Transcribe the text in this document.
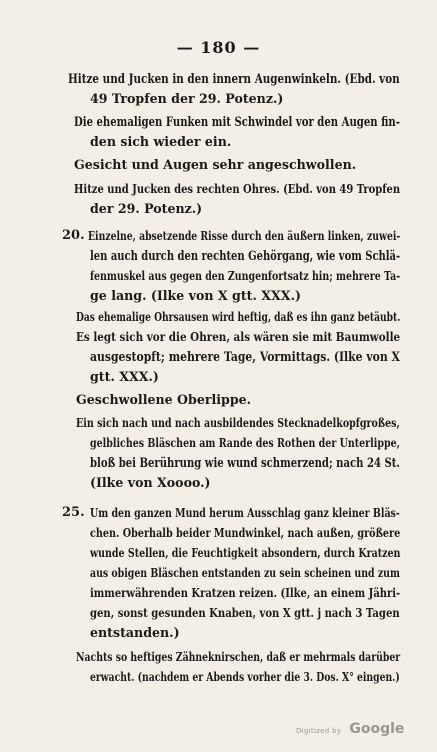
— 180 —
Hitze und Jucken in den innern Augenwinkeln. (Ebd. von
49 Tropfen der 29. Potenz.)
Die ehemaligen Funken mit Schwindel vor den Augen fin-
den sich wieder ein.
Gesicht und Augen sehr angeschwollen.
Hitze und Jucken des rechten Ohres. (Ebd. von 49 Tropfen
der 29. Potenz.)
Einzelne, absetzende Risse durch den äußern linken, zuwei-
len auch durch den rechten Gehörgang, wie vom Schlä-
fenmuskel aus gegen den Zungenfortsatz hin; mehrere Ta-
ge lang. (Ilke von X gtt. XXX.)
Das ehemalige Ohrsausen wird heftig, daß es ihn ganz betäubt.
Es legt sich vor die Ohren, als wären sie mit Baumwolle
ausgestopft; mehrere Tage, Vormittags. (Ilke von X
gtt. XXX.)
Geschwollene Oberlippe.
Ein sich nach und nach ausbildendes Stecknadelkopfgroßes,
gelbliches Bläschen am Rande des Rothen der Unterlippe,
bloß bei Berührung wie wund schmerzend; nach 24 St.
(Ilke von Xoooo.)
Um den ganzen Mund herum Ausschlag ganz kleiner Bläs-
chen. Oberhalb beider Mundwinkel, nach außen, größere
wunde Stellen, die Feuchtigkeit absondern, durch Kratzen
aus obigen Bläschen entstanden zu sein scheinen und zum
immerwährenden Kratzen reizen. (Ilke, an einem Jähri-
gen, sonst gesunden Knaben, von X gtt. j nach 3 Tagen
entstanden.)
Nachts so heftiges Zähneknirschen, daß er mehrmals darüber
erwacht. (nachdem er Abends vorher die 3. Dos. X° eingen.)
20.
25.
Digitized by Google
